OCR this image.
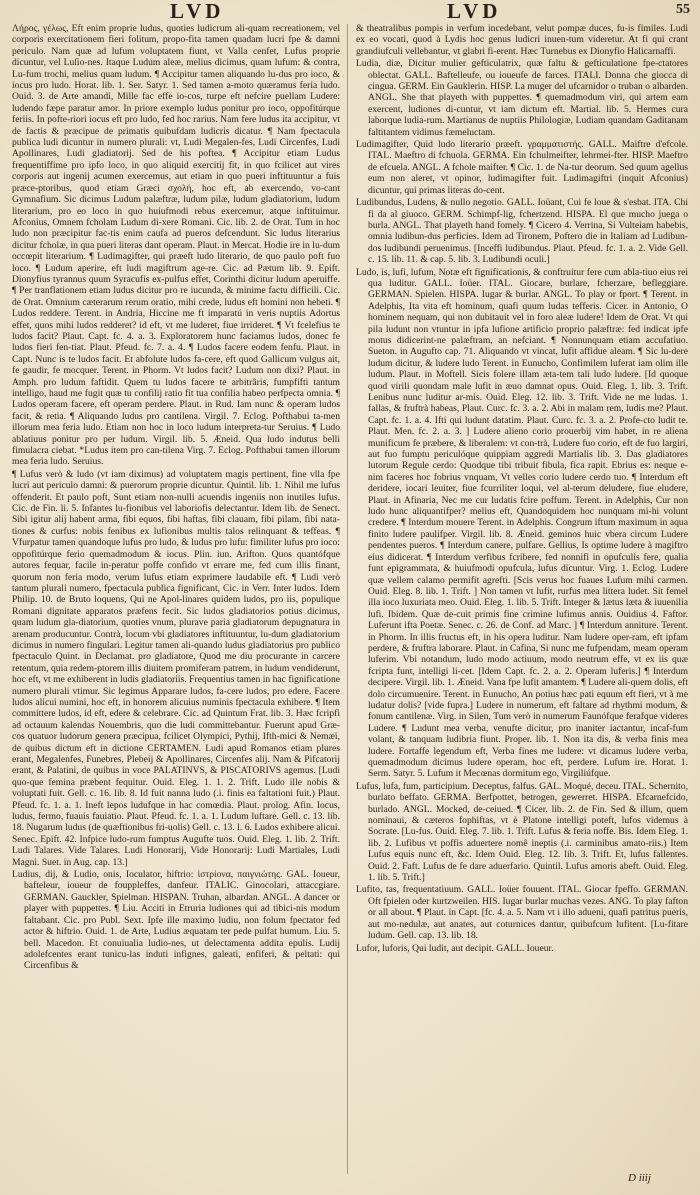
LVD	LVD	55

Λήρος, γέλως, Eft enim proprie ludus, quoties ludicrum ali-quam recreationem, vel corporis exercitationem fieri folitum, propo-fita tamen quadam lucri fpe & damni periculo. Nam quæ ad lufum voluptatem fiunt, vt Valla cenfet, Lufus proprie dicuntur, vel Luſio-nes. Itaque Ludum aleæ, melius dicimus, quam lufum: & contra, Lu-fum trochi, melius quam ludum. ¶ Accipitur tamen aliquando lu-dus pro ioco, & iocus pro ludo. Horat. lib. 1. Ser. Satyr. 1. Sed tamen a-moto quæramus feria ludo. Ouid. 3. de Arte amandi, Mille fac effe io-cos, turpe eft nefcire puellam Ludere: ludendo fæpe paratur amor. In priore exemplo ludus ponitur pro ioco, oppofitúrque feriis. In pofte-riori iocus eft pro ludo, fed hoc rarius. Nam fere ludus ita accipitur, vt de factis & præcipue de primatis quibufdam ludicris dicatur. ¶ Nam fpectacula publica ludi dicuntur in numero plurali: vt, Ludi Megalen-fes, Ludi Circenfes, Ludi Apollinares, Ludi gladiatorij. Sed de his poftea. ¶ Accipitur etiam Ludus frequentiffime pro ipfo loco, in quo aliquid exercitij fit, in quo fcilicet aut vires corporis aut ingenij acumen exercemus, aut etiam in quo pueri inftituuntur a fuis præce-ptoribus, quod etiam Græci σχολή, hoc eft, ab exercendo, vo-cant Gymnafium. Sic dicimus Ludum palæftræ, ludum pilæ, ludum gladiatorium, ludum literarium, pro eo loco in quo huiufmodi rebus exercemur, atque inftituimur. Afconius, Omnem fcholam Ludum di-xere Romani. Cic. lib. 2. de Orat. Tum in hoc ludo non præcipitur fac-tis enim caufa ad pueros defcendunt. Sic ludus literarius dicitur fcholæ, in qua pueri literas dant operam. Plaut. in Mercat. Hodie ire in lu-dum occœpit literarium. ¶ Ludimagifter, qui præeft ludo literario, de quo paulo poft fuo loco. ¶ Ludum aperire, eft ludi magiftrum age-re. Cic. ad Pætum lib. 9. Epift. Dionyfius tyrannus quum Syracufis ex-pulfus effet, Corinthi dicitur ludum aperuiffe. ¶ Per tranflationem etiam ludus dicitur pro re iucunda, & minime factu difficili. Cic. de Orat. Omnium cæterarum rerum oratio, mihi crede, ludus eft homini non hebeti. ¶ Ludos reddere. Terent. in Andria, Hiccine me ft imparatú in veris nuptiis Adortus effet, quos mihi ludos redderet? id eft, vt me luderet, fiue irrideret. ¶ Vt fcelefius te ludos facit? Plaut. Capt. fc. 4. a. 3. Exploratorem hunc faciamus ludos, donec fe ludos fieri fen-tiat. Plaut. Pfeud. fc. 7. a. 4. ¶ Ludos facere eodem fenfu. Plaut. in Capt. Nunc is te ludos facit. Et abfolute ludos fa-cere, eft quod Gallicum vulgus ait, fe gaudir, fe mocquer. Terent. in Phorm. Vt ludos facit? Ludum non dixi? Plaut. in Amph. pro ludum faftidit. Quem tu ludos facere te arbitrâris, fumpfifti tantum intelligo, haud me fugit quæ tu confilij ratio fit tua confilia habeo perfpecta omnia. ¶ Ludos operam facere, eft operam perdere. Plaut. in Rud. Iam nunc & operam ludos facit, & retia. ¶ Aliquando ludus pro cantilena. Virgil. 7. Eclog. Pofthabui ta-men illorum mea feria ludo. Etiam non hoc in loco ludum interpreta-tur Seruius. ¶ Ludo ablatiuus ponitur pro per ludum. Virgil. lib. 5. Æneid. Qua ludo indutus belli fimulacra ciebat. *Ludus item pro can-tilena Virg. 7. Eclog. Pofthabui tamen illorum mea feria ludo. Seruius.

¶ Lufus verò & ludo (vt iam diximus) ad voluptatem magis pertinent, fine vlla fpe lucri aut periculo damni: & puerorum proprie dicuntur. Quintil. lib. 1. Nihil me lufus offenderit. Et paulo poft, Sunt etiam non-nulli acuendis ingeniis non inutiles lufus. Cic. de Fin. li. 5. Infantes lu-fionibus vel laboriofis delectantur. Idem lib. de Senect. Sibi igitur alij habent arma, fibi equos, fibi haftas, fibi clauam, fibi pilam, fibi nata-tiones & curfus: nobis fenibus ex lufionibus multis talos relinquant & teffeas. ¶ Vfurpatur tamen quandoque lufus pro ludo, & ludus pro lufu: fimiliter lufus pro ioco: oppofitúrque ferio quemadmodum & iocus. Plin. iun. Arifton. Quos quantófque autores fequar, facile in-peratur poffe confido vt errare me, fed cum illis finant, quorum non feria modo, verum lufus etiam exprimere laudabile eft. ¶ Ludi verò tantum plurali numero, fpectacula publica fignificant, Cic. in Verr. Inter ludos. Idem Philip. 10. de Bruto loquens, Qui ne Apol-linares quidem ludos, pro iis, populique Romani dignitate apparatos præfens fecit. Sic ludos gladiatorios potius dicimus, quam ludum gla-diatorium, quoties vnum, plurave paria gladiatorum depugnatura in arenam producuntur. Contrà, locum vbi gladiatores inftituuntur, lu-dum gladiatorium dicimus in numero fingulari. Legitur tamen ali-quando ludus gladiatorius pro publico fpectaculo Quint. in Declamat. pro gladiatore, Quod me diu procurante in carcere retentum, quia redem-ptorem illis diuitem promiferam patrem, in ludum vendiderunt, hoc eft, vt me exhiberent in ludis gladiatoriis. Frequentius tamen in hac fignificatione numero plurali vtimur. Sic legimus Apparare ludos, fa-cere ludos, pro edere. Facere ludos alicui numini, hoc eft, in honorem alicuius numinis fpectacula exhibere. ¶ Item committere ludos, id eft, edere & celebrare. Cic. ad Quintum Frat. lib. 3. Hæc fcripfi ad octauum kalendas Nouembris, quo die ludi committebantur. Fuerunt apud Græ-cos quatuor ludorum genera præcipua, fcilicet Olympici, Pythij, Ifth-mici & Nemæi, de quibus dictum eft in dictione CERTAMEN. Ludi apud Romanos etiam plures erant, Megalenfes, Funebres, Plebeij & Apollinares, Circenfes alij. Nam & Pifcatorij erant, & Palatini, de quibus in voce PALATINVS, & PISCATORIVS agemus. [Ludi quo-que femina præbent fequitur. Ouid. Eleg. 1. 1. 2. Trift. Ludo ille nobis & voluptati fuit. Gell. c. 16. lib. 8. Id fuit nanna ludo (.i. finis ea faltationi fuit.) Plaut. Pfeud. fc. 1. a. 1. Ineft lepos ludufque in hac comœdia. Plaut. prolog. Afin. Iocus, ludus, fermo, fuauis fauiatio. Plaut. Pfeud. fc. 1. a. 1. Ludum luftare. Gell. c. 13. lib. 18. Nugarum ludus (de quæftionibus fri-uolis) Gell. c. 13. l. 6. Ludos exhibere alicui. Senec. Epift. 42. Infpice ludo-rum fumptus Augufte tuos. Ouid. Eleg. 1. lib. 2. Trift. Ludi Talares. Vide Talares. Ludi Honorarij, Vide Honorarij: Ludi Martiales, Ludi Magni. Suet. in Aug. cap. 13.]

Ludius, dij, & Ludio, onis, Ioculator, hiftrio: ἱστρίονα, παιγνιώτης. GAL. Ioueur, bafteleur, ioueur de fouppleffes, danfeur. ITALIC. Ginocolari, attaccgiare. GERMAN. Gauckler, Spielman. HISPAN. Truhan, albardan. ANGL. A dancer or player with puppettes. ¶ Liu. Acciti in Etruria ludiones qui ad tibici-nis modum faltabant. Cic. pro Publ. Sext. Ipfe ille maximo ludiu, non folum fpectator fed actor & hiftrio. Ouid. 1. de Arte, Ludius æquatam ter pede pulfat humum. Liu. 5. bell. Macedon. Et conuiualia ludio-nes, ut delectamenta addita epulis. Ludij adolefcentes erant tunicu-las induti infignes, galeati, enfiferi, & peltati: qui Circenfibus &

& theatralibus pompis in verfum incedebant, velut pompæ duces, fu-is fimiles. Ludi ex eo vocati, quod à Lydis hoc genus ludicri inuen-tum videretur. At fi qui crant grandiufculi vellebantur, vt glabri fi-erent. Hæc Turnebus ex Dionyfio Halicarnaffi.

Ludia, diæ, Dicitur mulier gefticulatrix, quæ faltu & gefticulatione fpe-ctatores oblectat. GALL. Baftelleufe, ou ioueufe de farces. ITALI. Donna che giocca di cingua. GERM. Ein Gauklerin. HISP. La muger del ufcarnidor o truban o albarden. ANGL. She that playeth with puppettes. ¶ quemadmodum viri, qui artem eam exercent, ludiones di-cuntur, vt iam dictum eft. Martial. lib. 5. Hermes cura laborque ludia-rum. Martianus de nuptiis Philologiæ, Ludiam quandam Gaditanam faltitantem vidimus fæmeluctam.

Ludimagifter, Quid ludo literario præeft. γραμματιστής. GALL. Maiftre d'efcole. ITAL. Maeftro di fchuola. GERMA. Ein fchulmeifter, lehrmei-fter. HISP. Maeftro de efcuela. ANGL. A fchole maifter. ¶ Cic. 1. de Na-tur deorum. Sed quum agellus eum non aleret, vt opinor, ludimagifter fuit. Ludimagiftri (inquit Afconius) dicuntur, qui primas literas do-cent.

Ludibundus, Ludens, & nullo negotio. GALL. Ioüant, Cui fe loue & s'esbat. ITA. Chi fi da al giuoco. GERM. Schimpf-lig, fchertzend. HISPA. El que mucho juega o burla. ANGL. That playeth hand fomely. ¶ Cicero 4. Verrina, Si Vulteiam habebis, omnia ludibun-dus perficies. Idem ad Tironem, Poftero die in Italiam ad Ludibun-dos ludibundi peruenimus. [Inceffi ludibundus. Plaut. Pfeud. fc. 1. a. 2. Vide Gell. c. 15. lib. 11. & cap. 5. lib. 3. Ludibundi oculi.]

Ludo, is, lufi, lufum, Notæ eft fignificationis, & conftruitur fere cum abla-tiuo eius rei qua luditur. GALL. Ioüer. ITAL. Giocare, burlare, fcherzare, befleggiare. GERMAN. Spielen. HISPA. Iugar & burlar. ANGL. To play or fport. ¶ Terent. in Adelphis, Ita vita eft hominum, quafi quum ludas tefferis. Cicer. in Antonio, O hominem nequam, qui non dubitauit vel in foro aleæ ludere! Idem de Orat. Vt qui pila ludunt non vtuntur in ipfa lufione artificio proprio palæftræ: fed indicat ipfe motus didicerint-ne palæftram, an nefciant. ¶ Nonnunquam etiam accufatiuo. Sueton. in Augufto cap. 71. Aliquando vt vincat, lufit affidue aleam. ¶ Sic lu-dere ludum dicitur, & ludere ludo Terent. in Eunucho, Confimilem luferat iam olim ille ludum. Plaut. in Moftell. Sicis folere illam æta-tem tali ludo ludere. [Id quoque quod virili quondam male lufit in æuo damnat opus. Ouid. Eleg. 1. lib. 3. Trift. Lenibus nunc luditur ar-mis. Ouid. Eleg. 12. lib. 3. Trift. Vide ne me ludas. 1. fallas, & fruftrà habeas, Plaut. Curc. fc. 3. a. 2. Abi in malam rem, ludis me? Plaut. Capt. fc. 1. a. 4. Ifti qui ludunt datatim. Plaut. Curc. fc. 3. a. 2. Profe-cto ludit te. Plaut. Men. fc. 2. a. 3. ] Ludere alieno corio prouerbij vim habet, in re aliena munificum fe præbere, & liberalem: vt con-trà, Ludere fuo corio, eft de fuo largiri, aut fuo fumptu periculóque quippiam aggredi Martialis lib. 3. Das gladiatores lutorum Regule cerdo: Quodque tibi tribuit fibula, fica rapit. Ebrius es: neque e-nim faceres hoc fobrius vnquam, Vt velles corio ludere cerdo tuo. ¶ Interdum eft deridere, iocari leuiter, fiue fcurriliter loqui, vel al-terum deludere, fiue eludere, Plaut. in Afinaria, Nec me cur ludatis fcire poffum. Terent. in Adelphis, Cur non ludo hunc aliquantifper? melius eft, Quandoquidem hoc nunquam mi-hi volunt credere. ¶ Interdum mouere Terent. in Adelphis. Congrum iftum maximum in aqua finito ludere paulifper. Virgil. lib. 8. Æneid. geminos huic vbera circum Ludere pendentes pueros. ¶ Interdum canere, pulfare. Gellius, Is optime ludere à magiftro eius didicerat. ¶ Interdum verfibus fcribere, fed nonnifi in opufculis fere, qualia funt epigrammata, & huiufmodi opufcula, lufus dicuntur. Virg. 1. Eclog. Ludere quæ vellem calamo permifit agrefti. [Scis verus hoc fuaues Lufum mihi carmen. Ouid. Eleg. 8. lib. 1. Trift. ] Non tamen vt lufit, rurfus mea littera ludet. Sit femel illa ioco luxuriata meo. Ouid. Eleg. 1. lib. 5. Trift. Integer & lætus læta & iuuenilia lufi. Ibidem. Quæ de-cuit primis fine crimine lufimus annis. Ouidius 4. Faftor. Luferunt ifta Poetæ. Senec. c. 26. de Conf. ad Marc. ] ¶ Interdum anniture. Terent. in Phorm. In illis fructus eft, in his opera luditur. Nam ludere oper-ram, eft ipfam perdere, & fruftra laborare. Plaut. in Cafina, Si nunc me fufpendam, meam operam luferim. Vbi notandum, ludo modo actiuum, modo neutrum effe, vt ex iis quæ fcripta funt, intelligi li-cet. [Idem Capt. fc. 2. a. 2. Operam luferis.] ¶ Interdum decipere. Virgil. lib. 1. Æneid. Vana fpe lufit amantem. ¶ Ludere ali-quem dolis, eft dolo circumuenire. Terent. in Eunucho, An potius hæc pati equum eft fieri, vt à me ludatur dolis? [vide fupra.] Ludere in numerum, eft faltare ad rhythmi modum, & fonum cantilenæ. Virg. in Silen, Tum verò in numerum Faunófque ferafque videres Ludere. ¶ Ludunt mea verba, venufte dicitur, pro inaniter iactantur, incaf-fum volant, & tanquam ludibria fiunt. Proper. lib. 1. Non ita dis, & verba finis mea ludere. Fortaffe legendum eft, Verba fines me ludere: vt dicamus ludere verba, quemadmodum dicimus ludere operam, hoc eft, perdere. Lufum ire. Horat. 1. Serm. Satyr. 5. Lufum it Mecœnas dormitum ego, Virgiliúfque.

Lufus, lufa, fum, participium. Deceptus, falfus. GAL. Moqué, deceu. ITAL. Schernito, burlato beffato. GERMA. Berfpottet, betrogen, gewerret. HISPA. Efcarnefcido, burlado. ANGL. Mocked, de-ceiued. ¶ Cicer. lib. 2. de Fin. Sed & illum, quem nominaui, & cæteros fophiftas, vt è Platone intelligi poteft, lufos videmus à Socrate. [Lu-fus. Ouid. Eleg. 7. lib. 1. Trift. Lufus & feria noffe. Bis. Idem Eleg. 1. lib. 2. Lufibus vt poffis aduertere nomê ineptis (.i. carminibus amato-riis.) Item Lufus equis nunc eft, &c. Idem Ouid. Eleg. 12. lib. 3. Trift. Et, lufus fallentes. Ouid. 2. Faft. Lufus de fe dare aduerfario. Quintil. Lufus amoris abeft. Ouid. Eleg. 1. lib. 5. Trift.]

Lufito, tas, frequentatiuum. GALL. Ioüer fouuent. ITAL. Giocar fpeffo. GERMAN. Oft fpielen oder kurtzweilen. HIS. Iugar burlar muchas vezes. ANG. To play fafton or all about. ¶ Plaut. in Capt. [fc. 4. a. 5. Nam vt i illo adueni, quafi patritus pueris, aut mo-nedulæ, aut anates, aut coturnices dantur, quibufcum lufitent. [Lu-fitare ludum. Gell. cap. 13. lib. 18.

Lufor, luforis, Qui ludit, aut decipit. GALL. Ioueur.

D iiij
